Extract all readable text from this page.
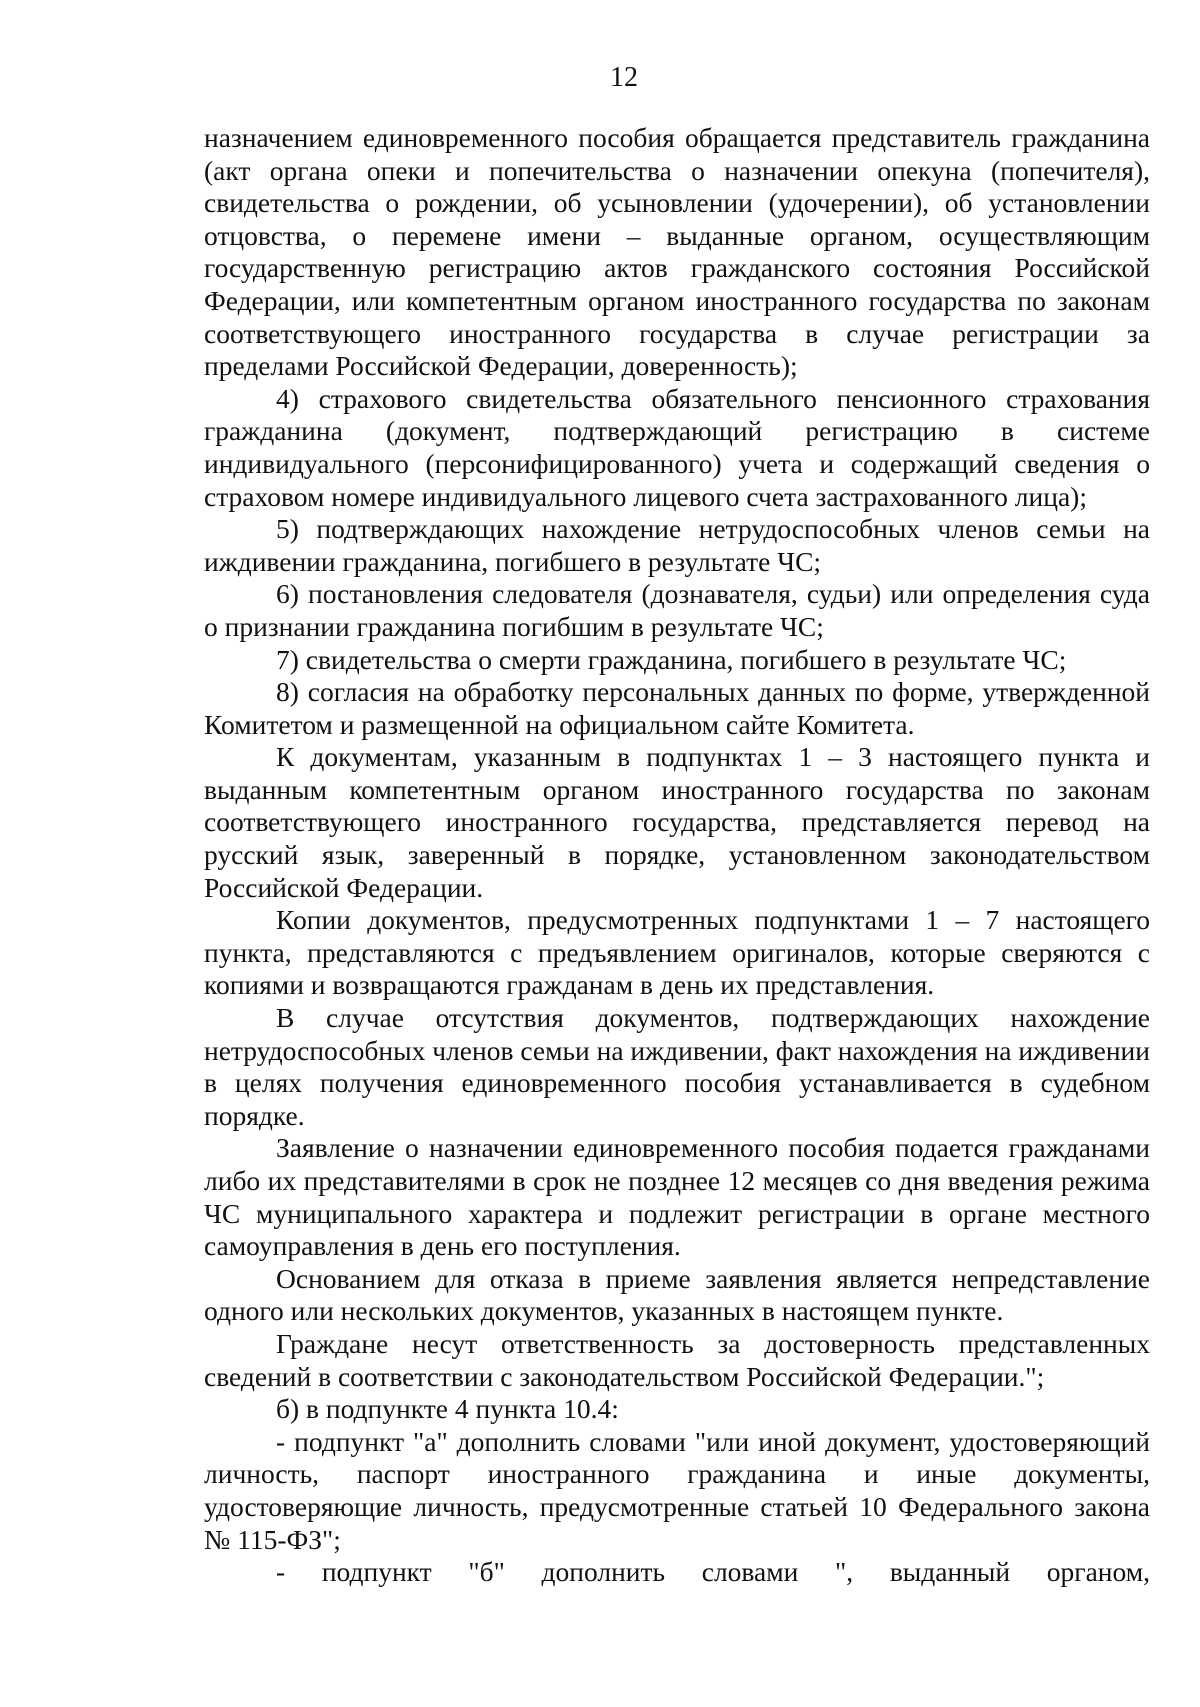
12

назначением единовременного пособия обращается представитель гражданина (акт органа опеки и попечительства о назначении опекуна (попечителя), свидетельства о рождении, об усыновлении (удочерении), об установлении отцовства, о перемене имени – выданные органом, осуществляющим государственную регистрацию актов гражданского состояния Российской Федерации, или компетентным органом иностранного государства по законам соответствующего иностранного государства в случае регистрации за пределами Российской Федерации, доверенность);

4) страхового свидетельства обязательного пенсионного страхования гражданина (документ, подтверждающий регистрацию в системе индивидуального (персонифицированного) учета и содержащий сведения о страховом номере индивидуального лицевого счета застрахованного лица);

5) подтверждающих нахождение нетрудоспособных членов семьи на иждивении гражданина, погибшего в результате ЧС;

6) постановления следователя (дознавателя, судьи) или определения суда о признании гражданина погибшим в результате ЧС;

7) свидетельства о смерти гражданина, погибшего в результате ЧС;

8) согласия на обработку персональных данных по форме, утвержденной Комитетом и размещенной на официальном сайте Комитета.

К документам, указанным в подпунктах 1 – 3 настоящего пункта и выданным компетентным органом иностранного государства по законам соответствующего иностранного государства, представляется перевод на русский язык, заверенный в порядке, установленном законодательством Российской Федерации.

Копии документов, предусмотренных подпунктами 1 – 7 настоящего пункта, представляются с предъявлением оригиналов, которые сверяются с копиями и возвращаются гражданам в день их представления.

В случае отсутствия документов, подтверждающих нахождение нетрудоспособных членов семьи на иждивении, факт нахождения на иждивении в целях получения единовременного пособия устанавливается в судебном порядке.

Заявление о назначении единовременного пособия подается гражданами либо их представителями в срок не позднее 12 месяцев со дня введения режима ЧС муниципального характера и подлежит регистрации в органе местного самоуправления в день его поступления.

Основанием для отказа в приеме заявления является непредставление одного или нескольких документов, указанных в настоящем пункте.

Граждане несут ответственность за достоверность представленных сведений в соответствии с законодательством Российской Федерации.";

б) в подпункте 4 пункта 10.4:

- подпункт "а" дополнить словами "или иной документ, удостоверяющий личность, паспорт иностранного гражданина и иные документы, удостоверяющие личность, предусмотренные статьей 10 Федерального закона № 115-ФЗ";

- подпункт "б" дополнить словами ", выданный органом,
